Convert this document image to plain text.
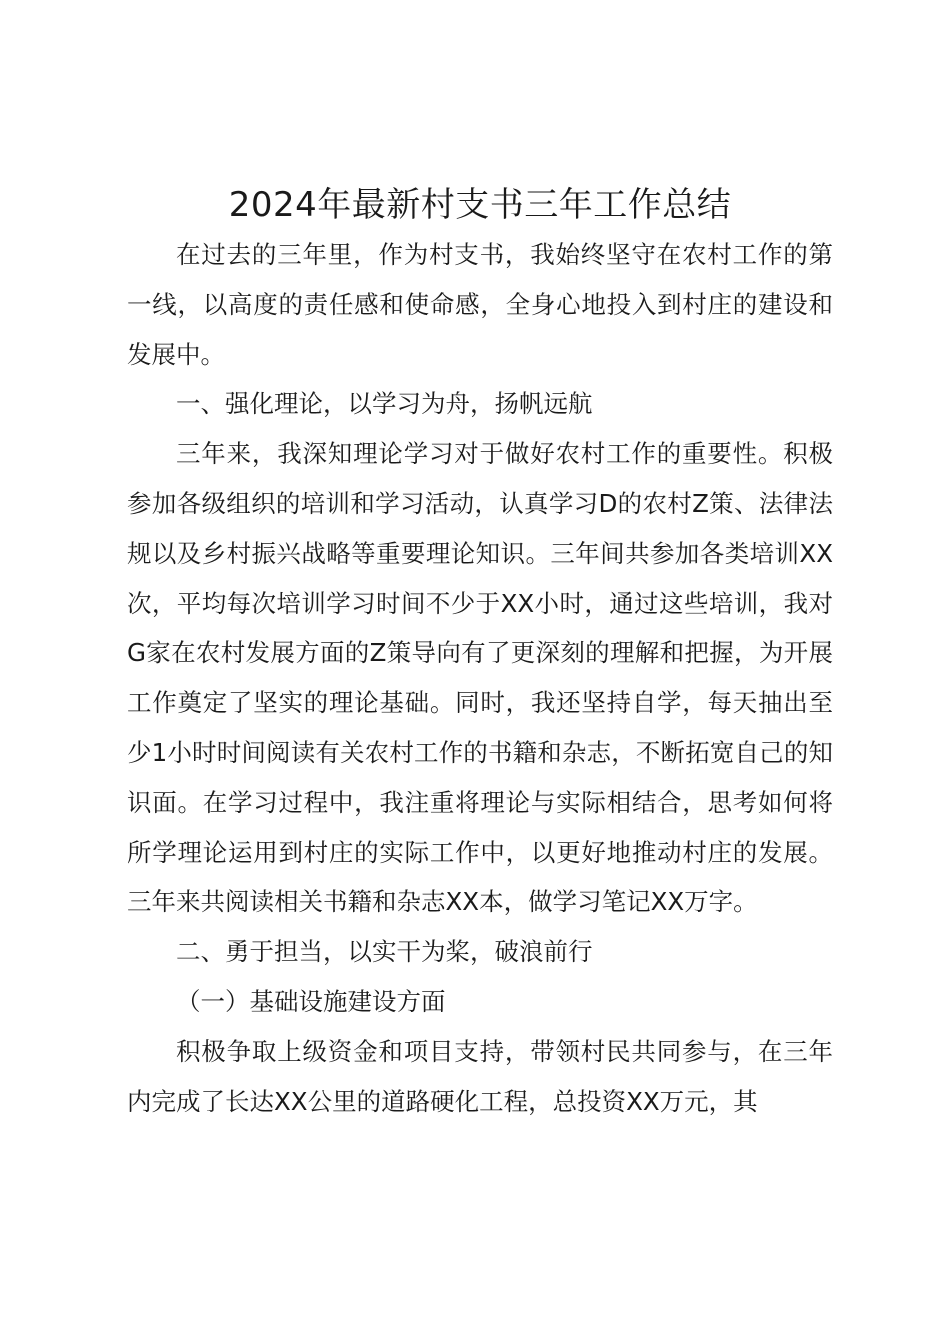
2024年最新村支书三年工作总结

在过去的三年里，作为村支书，我始终坚守在农村工作的第一线，以高度的责任感和使命感，全身心地投入到村庄的建设和发展中。

一、强化理论，以学习为舟，扬帆远航

三年来，我深知理论学习对于做好农村工作的重要性。积极参加各级组织的培训和学习活动，认真学习D的农村Z策、法律法规以及乡村振兴战略等重要理论知识。三年间共参加各类培训XX次，平均每次培训学习时间不少于XX小时，通过这些培训，我对G家在农村发展方面的Z策导向有了更深刻的理解和把握，为开展工作奠定了坚实的理论基础。同时，我还坚持自学，每天抽出至少1小时时间阅读有关农村工作的书籍和杂志，不断拓宽自己的知识面。在学习过程中，我注重将理论与实际相结合，思考如何将所学理论运用到村庄的实际工作中，以更好地推动村庄的发展。三年来共阅读相关书籍和杂志XX本，做学习笔记XX万字。

二、勇于担当，以实干为桨，破浪前行

（一）基础设施建设方面

积极争取上级资金和项目支持，带领村民共同参与，在三年内完成了长达XX公里的道路硬化工程，总投资XX万元，其
